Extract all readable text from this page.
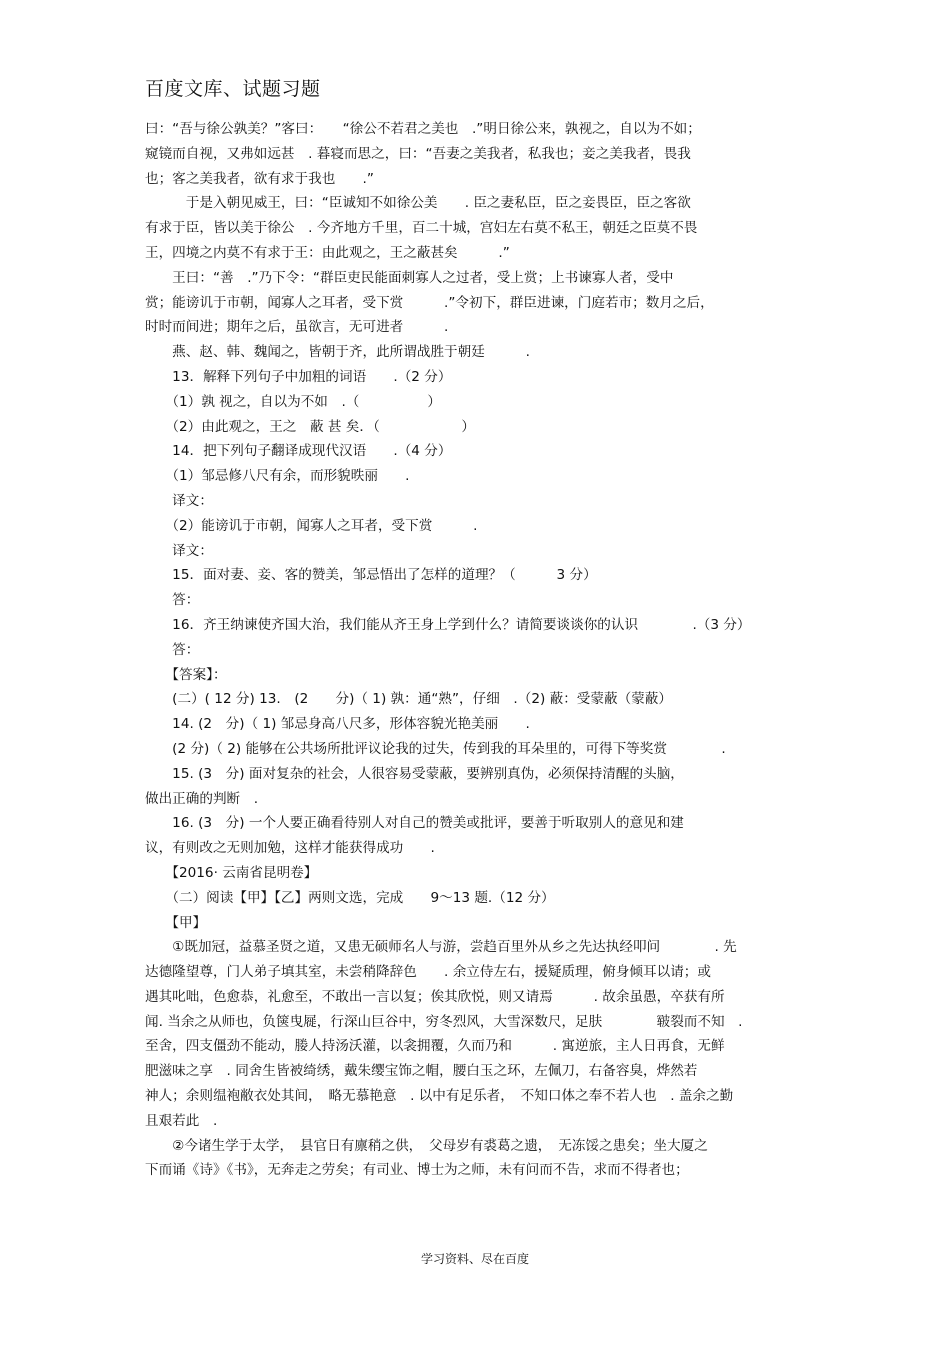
百度文库、试题习题
曰：“吾与徐公孰美？”客曰：　　“徐公不若君之美也　.”明日徐公来，孰视之，自以为不如；
窥镜而自视，又弗如远甚　. 暮寝而思之，曰：“吾妻之美我者，私我也；妾之美我者，畏我
也；客之美我者，欲有求于我也　　.”
　　　于是入朝见威王，曰：“臣诚知不如徐公美　　. 臣之妻私臣，臣之妾畏臣，臣之客欲
有求于臣，皆以美于徐公　. 今齐地方千里，百二十城，宫妇左右莫不私王，朝廷之臣莫不畏
王，四境之内莫不有求于王：由此观之，王之蔽甚矣　　　.”
　　王曰：“善　.”乃下令：“群臣吏民能面刺寡人之过者，受上赏；上书谏寡人者，受中
赏；能谤讥于市朝，闻寡人之耳者，受下赏　　　.”令初下，群臣进谏，门庭若市；数月之后，
时时而间进；期年之后，虽欲言，无可进者　　　.
　　燕、赵、韩、魏闻之，皆朝于齐，此所谓战胜于朝廷　　　.
　　13．解释下列句子中加粗的词语　　.（2 分）
　　（1）孰 视之，自以为不如　.（　　　　　）
　　（2）由此观之，王之　蔽 甚 矣．（　　　　　　）
　　14．把下列句子翻译成现代汉语　　.（4 分）
　　（1）邹忌修八尺有余，而形貌昳丽　　.
　　译文：
　　（2）能谤讥于市朝，闻寡人之耳者，受下赏　　　.
　　译文：
　　15．面对妻、妾、客的赞美，邹忌悟出了怎样的道理？（　　　3 分）
　　答：
　　16．齐王纳谏使齐国大治，我们能从齐王身上学到什么？请简要谈谈你的认识　　　　.（3 分）
　　答：
　　【答案】：
　　(二）( 12 分) 13.　(2　　分)（ 1) 孰：通“熟”，仔细　.（2) 蔽：受蒙蔽（蒙蔽）
　　14. (2　分)（ 1) 邹忌身高八尺多，形体容貌光艳美丽　　.
　　(2 分)（ 2) 能够在公共场所批评议论我的过失，传到我的耳朵里的，可得下等奖赏　　　　.
　　15. (3　分) 面对复杂的社会，人很容易受蒙蔽，要辨别真伪，必须保持清醒的头脑，
做出正确的判断　.
　　16. (3　分) 一个人要正确看待别人对自己的赞美或批评，要善于听取别人的意见和建
议，有则改之无则加勉，这样才能获得成功　　.
　　【2016· 云南省昆明卷】
　　（二）阅读【甲】【乙】两则文选，完成　　9～13 题.（12 分）
　　【甲】
　　①既加冠，益慕圣贤之道，又患无硕师名人与游，尝趋百里外从乡之先达执经叩问　　　　. 先
达德隆望尊，门人弟子填其室，未尝稍降辞色　　. 余立侍左右，援疑质理，俯身倾耳以请；或
遇其叱咄，色愈恭，礼愈至，不敢出一言以复；俟其欣悦，则又请焉　　　. 故余虽愚，卒获有所
闻. 当余之从师也，负箧曳屣，行深山巨谷中，穷冬烈风，大雪深数尺，足肤　　　　皲裂而不知　.
至舍，四支僵劲不能动，媵人持汤沃灌，以衾拥覆，久而乃和　　　. 寓逆旅，主人日再食，无鲜
肥滋味之享　. 同舍生皆被绮绣，戴朱缨宝饰之帽，腰白玉之环，左佩刀，右备容臭，烨然若
神人；余则缊袍敝衣处其间，　略无慕艳意　. 以中有足乐者，　不知口体之奉不若人也　. 盖余之勤
且艰若此　.
　　②今诸生学于太学，　县官日有廪稍之供，　父母岁有裘葛之遗，　无冻馁之患矣；坐大厦之
下而诵《诗》《书》，无奔走之劳矣；有司业、博士为之师，未有问而不告，求而不得者也；
学习资料、尽在百度
